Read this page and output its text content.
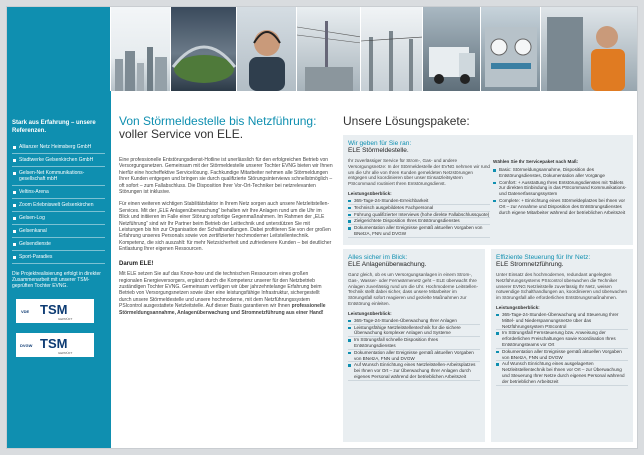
Stark aus Erfahrung – unsere Referenzen.
Allianzer Netz Heimsberg GmbH
Stadtwerke Gelsenkirchen GmbH
Gelsen-Net Kommunikations-gesellschaft mbH
Veltins-Arena
Zoom Erlebniswelt Gelsenkirchen
Gelsen-Log
Gelsenkanal
Gelsendienste
Sport-Paradies

Die Projektrealisierung erfolgt in direkter Zusammenarbeit mit unserer TSM-geprüften Tochter EVNG.

VDE TSM
GEPRÜFT
DVGW TSM
GEPRÜFT
Von Störmeldestelle bis Netzführung:
voller Service von ELE.

Eine professionelle Entstörungsdienst-Hotline ist unerlässlich für den erfolgreichen Betrieb von Versorgungsnetzen. Gemeinsam mit der Störmeldestelle unserer Tochter EVNG bieten wir Ihnen hierfür eine hocheffektive Servicelösung. Fachkundige Mitarbeiter nehmen alle Störmeldungen Ihrer Kunden entgegen und bringen sie durch qualifizierte Störungsinterviews schnellstmöglich – oft sofort – zum Fallabschluss. Die Disposition Ihrer Vor-Ort-Techniker bei netzrelevanten Störungen ist inklusive.

Für einen weiteren wichtigen Stabilitätsfaktor in Ihrem Netz sorgen auch unsere Netzleitstellen-Services. Mit der „ELE Anlagenüberwachung“ behalten wir Ihre Anlagen rund um die Uhr im Blick und initiieren im Falle einer Störung sofortige Gegenmaßnahmen. Im Rahmen der „ELE Netzführung“ sind wir Ihr Partner beim Betrieb der Leittechnik und unterstützen Sie mit Leistungen bis hin zur Organisation der Schalthandlungen. Dabei profitieren Sie von der großen Erfahrung unseres Personals sowie von zertifizierter hochmoderner Leitstellentechnik. Kompetenz, die sich auszahlt: für mehr Netzsicherheit und zufriedenere Kunden – bei deutlicher Entlastung Ihrer eigenen Ressourcen.

Darum ELE!

Mit ELE setzen Sie auf das Know-how und die technischen Ressourcen eines großen regionalen Energieversorgers, ergänzt durch die Kompetenz unserer für den Netzbetrieb zuständigen Tochter EVNG. Gemeinsam verfügen wir über jahrzehntelange Erfahrung beim Betrieb von Versorgungsnetzen sowie über eine leistungsfähige Infrastruktur, sichergestellt durch unsere Störmeldestelle und unsere hochmoderne, mit dem Netzführungssystem PSIcontrol ausgestattete Netzleitstelle. Auf dieser Basis garantieren wir Ihnen professionelle Störmeldungsannahme, Anlagenüberwachung und Stromnetzführung aus einer Hand!

Unsere Lösungspakete:
Wir geben für Sie ran:
ELE Störmeldestelle.

Ihr zuverlässiger Service für Strom-, Gas- und andere Versorgungsnetze: In der Störmeldestelle der EVNG nehmen wir rund um die Uhr alle von Ihren Kunden gemeldeten Netzstörungen entgegen und koordinieren über unser Einsatzleitsystem PSIcommand routiniert Ihren Entstörungsdienst.

Leistungsüberblick:
365-Tage-24-Stunden-Erreichbarkeit
Technisch ausgebildetes Fachpersonal
Führung qualifizierter Interviews (hohe direkte Fallabschlussquote)
Zielgerichtete Disposition Ihres Entstörungsdienstes
Dokumentation aller Ereignisse gemäß aktuellen Vorgaben von BNetzA, FNN und DVGW
Wählen Sie Ihr Servicepaket nach Maß:
Basic: Störmeldungsannahme, Disposition des Entstörungsdienstes, Dokumentation aller Vorgänge
Comfort: + Ausstattung Ihres Entstörungsdienstes mit Tablets zur direkten Einbindung in das PSIcommand Kommunikations- und Datenerfassungssystem
Complete: + Einrichtung eines Störmeldeplatzes bei Ihnen vor Ort – zur Annahme und Disposition des Entstörungsdienstes durch eigene Mitarbeiter während der betrieblichen Arbeitszeit
Alles sicher im Blick:
ELE Anlagenüberwachung.

Ganz gleich, ob es um Versorgungsanlagen in einem Strom-, Gas-, Wasser- oder Fernwärmenetz geht – ELE überwacht Ihre Anlagen zuverlässig rund um die Uhr. Hochmoderne Leitstellen-Technik stellt dabei sicher, dass unsere Mitarbeiter im Störungsfall sofort reagieren und gezielte Maßnahmen zur Entstörung einleiten.

Leistungsüberblick:
365-Tage-24-Stunden-Überwachung Ihrer Anlagen
Leistungsfähige Netzleitstellentechnik für die sichere Überwachung komplexer Anlagen und Systeme
Im Störungsfall schnelle Disposition Ihres Entstörungsdienstes
Dokumentation aller Ereignisse gemäß aktuellen Vorgaben von BNetzA, FNN und DVGW
Auf Wunsch Einrichtung eines Netzleitstellen-Arbeitsplatzes bei Ihnen vor Ort – zur Überwachung Ihrer Anlagen durch eigenes Personal während der betrieblichen Arbeitszeit
Effiziente Steuerung für Ihr Netz:
ELE Stromnetzführung.

Unter Einsatz des hochmodernen, redundant angelegten Netzführungssystems PSIcontrol überwachen die Techniker unserer EVNG Netzleitstelle zuverlässig Ihr Netz, weisen notwendige Schalthandlungen an, koordinieren und überwachen im Störungsfall alle erforderlichen Entstörungsmaßnahmen.

Leistungsüberblick:
365-Tage-24-Stunden-Überwachung und Steuerung Ihrer Mittel- und Niederspannungsnetze über das Netzführungssystem PSIcontrol
Im Störungsfall Fernsteuerung bzw. Anweisung der erforderlichen Freischaltungen sowie Koordination Ihres Entstörungsteams vor Ort
Dokumentation aller Ereignisse gemäß aktuellen Vorgaben von BNetzA, FNN und DVGW
Auf Wunsch Einrichtung eines ausgelagerten Netzleitstellentechnik bei Ihnen vor Ort – zur Überwachung und Steuerung Ihrer Netze durch eigenes Personal während der betrieblichen Arbeitszeit
